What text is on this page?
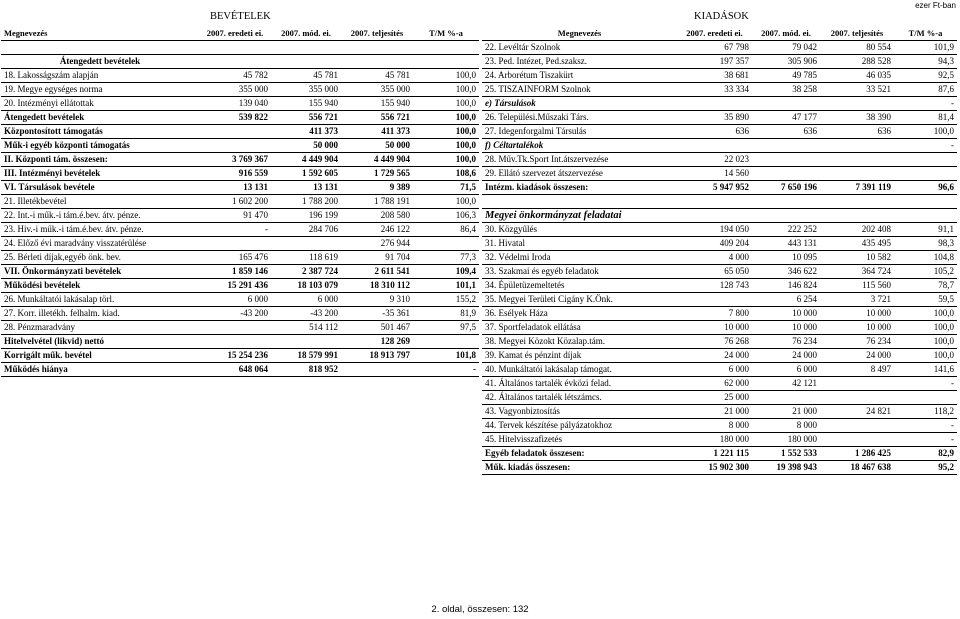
ezer Ft-ban
BEVÉTELEK	KIADÁSOK
Megnevezés	2007. eredeti ei.	2007. mód. ei.	2007. teljesítés	T/M %-a

Átengedett bevételek				
18. Lakosságszám alapján	45 782	45 781	45 781	100,0
19. Megye egységes norma	355 000	355 000	355 000	100,0
20. Intézményi ellátottak	139 040	155 940	155 940	100,0
Átengedett bevételek	539 822	556 721	556 721	100,0
Központosított támogatás		411 373	411 373	100,0
Műk-i egyéb központi támogatás		50 000	50 000	100,0
II. Központi tám. összesen:	3 769 367	4 449 904	4 449 904	100,0
III. Intézményi bevételek	916 559	1 592 605	1 729 565	108,6
VI. Társulások bevétele	13 131	13 131	9 389	71,5
21. Illetékbevétel	1 602 200	1 788 200	1 788 191	100,0
22. Int.-i műk.-i tám.é.bev. átv. pénze.	91 470	196 199	208 580	106,3
23. Hiv.-i műk.-i tám.é.bev. átv. pénze.	-	284 706	246 122	86,4
24. Előző évi maradvány visszatérülése			276 944	
25. Bérleti díjak,egyéb önk. bev.	165 476	118 619	91 704	77,3
VII. Önkormányzati bevételek	1 859 146	2 387 724	2 611 541	109,4
Működési bevételek	15 291 436	18 103 079	18 310 112	101,1
26. Munkáltatói lakásalap törl.	6 000	6 000	9 310	155,2
27. Korr. illetékh. felhalm. kiad.	-43 200	-43 200	-35 361	81,9
28. Pénzmaradvány		514 112	501 467	97,5
Hitelvelvétel (likvid) nettó			128 269	
Korrigált műk. bevétel	15 254 236	18 579 991	18 913 797	101,8
Működés hiánya	648 064	818 952		-
Megnevezés	2007. eredeti ei.	2007. mód. ei.	2007. teljesítés	T/M %-a
22. Levéltár Szolnok	67 798	79 042	80 554	101,9
23. Ped. Intézet, Ped.szaksz.	197 357	305 906	288 528	94,3
24. Arborétum Tiszakürt	38 681	49 785	46 035	92,5
25. TISZAINFORM Szolnok	33 334	38 258	33 521	87,6
e) Társulások				-
26. Települési.Műszaki Társ.	35 890	47 177	38 390	81,4
27. Idegenforgalmi Társulás	636	636	636	100,0
f) Céltartalékok				-
28. Műv.Tk.Sport Int.átszervezése	22 023			
29. Ellátó szervezet átszervezése	14 560			
Intézm. kiadások összesen:	5 947 952	7 650 196	7 391 119	96,6

Megyei önkormányzat feladatai				
30. Közgyűlés	194 050	222 252	202 408	91,1
31. Hivatal	409 204	443 131	435 495	98,3
32. Védelmi Iroda	4 000	10 095	10 582	104,8
33. Szakmai és egyéb feladatok	65 050	346 622	364 724	105,2
34. Épületüzemeltetés	128 743	146 824	115 560	78,7
35. Megyei Területi Cigány K.Önk.		6 254	3 721	59,5
36. Esélyek Háza	7 800	10 000	10 000	100,0
37. Sportfeladatok ellátása	10 000	10 000	10 000	100,0
38. Megyei Közokt Közalap.tám.	76 268	76 234	76 234	100,0
39. Kamat és pénzint díjak	24 000	24 000	24 000	100,0
40. Munkáltatói lakásalap támogat.	6 000	6 000	8 497	141,6
41. Általános tartalék évközi felad.	62 000	42 121		-
42. Általános tartalék létszámcs.	25 000			
43. Vagyonbiztosítás	21 000	21 000	24 821	118,2
44. Tervek készítése pályázatokhoz	8 000	8 000		-
45. Hitelvisszafizetés	180 000	180 000		-
Egyéb feladatok összesen:	1 221 115	1 552 533	1 286 425	82,9
Műk. kiadás összesen:	15 902 300	19 398 943	18 467 638	95,2
2. oldal, összesen: 132
